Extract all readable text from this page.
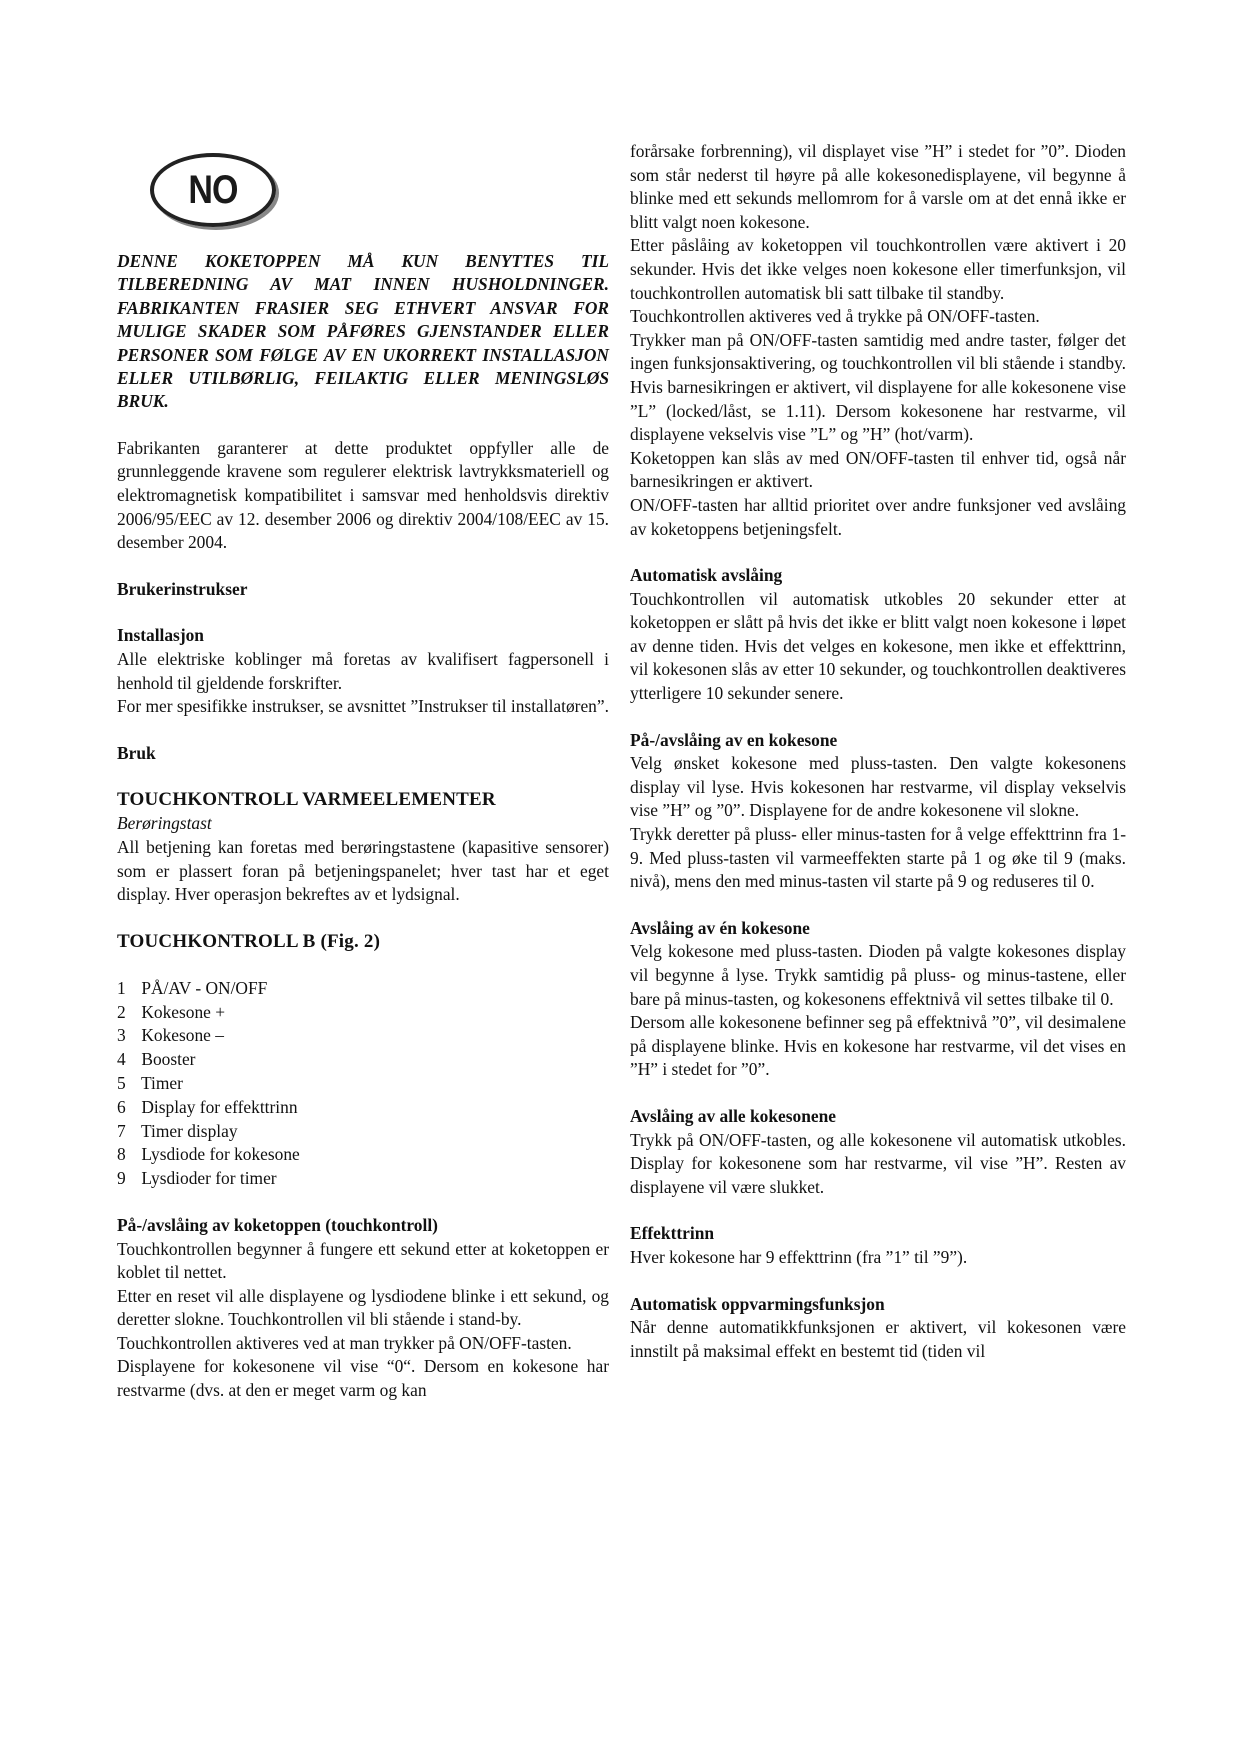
NO

DENNE KOKETOPPEN MÅ KUN BENYTTES TIL TILBEREDNING AV MAT INNEN HUSHOLDNINGER. FABRIKANTEN FRASIER SEG ETHVERT ANSVAR FOR MULIGE SKADER SOM PÅFØRES GJENSTANDER ELLER PERSONER SOM FØLGE AV EN UKORREKT INSTALLASJON ELLER UTILBØRLIG, FEILAKTIG ELLER MENINGSLØS BRUK.

Fabrikanten garanterer at dette produktet oppfyller alle de grunnleggende kravene som regulerer elektrisk lavtrykksmateriell og elektromagnetisk kompatibilitet i samsvar med henholdsvis direktiv 2006/95/EEC av 12. desember 2006 og direktiv 2004/108/EEC av 15. desember 2004.

Brukerinstrukser
Installasjon

Alle elektriske koblinger må foretas av kvalifisert fagpersonell i henhold til gjeldende forskrifter.

For mer spesifikke instrukser, se avsnittet ”Instrukser til installatøren”.

Bruk
TOUCHKONTROLL VARMEELEMENTER

Berøringstast

All betjening kan foretas med berøringstastene (kapasitive sensorer) som er plassert foran på betjeningspanelet; hver tast har et eget display. Hver operasjon bekreftes av et lydsignal.

TOUCHKONTROLL B (Fig. 2)
1 PÅ/AV - ON/OFF
2 Kokesone +
3 Kokesone –
4 Booster
5 Timer
6 Display for effekttrinn
7 Timer display
8 Lysdiode for kokesone
9 Lysdioder for timer
På-/avslåing av koketoppen (touchkontroll)

Touchkontrollen begynner å fungere ett sekund etter at koketoppen er koblet til nettet.

Etter en reset vil alle displayene og lysdiodene blinke i ett sekund, og deretter slokne. Touchkontrollen vil bli stående i stand-by.

Touchkontrollen aktiveres ved at man trykker på ON/OFF-tasten.

Displayene for kokesonene vil vise “0“. Dersom en kokesone har restvarme (dvs. at den er meget varm og kan

forårsake forbrenning), vil displayet vise ”H” i stedet for ”0”. Dioden som står nederst til høyre på alle kokesonedisplayene, vil begynne å blinke med ett sekunds mellomrom for å varsle om at det ennå ikke er blitt valgt noen kokesone.

Etter påslåing av koketoppen vil touchkontrollen være aktivert i 20 sekunder. Hvis det ikke velges noen kokesone eller timerfunksjon, vil touchkontrollen automatisk bli satt tilbake til standby.

Touchkontrollen aktiveres ved å trykke på ON/OFF-tasten.

Trykker man på ON/OFF-tasten samtidig med andre taster, følger det ingen funksjonsaktivering, og touchkontrollen vil bli stående i standby. Hvis barnesikringen er aktivert, vil displayene for alle kokesonene vise ”L” (locked/låst, se 1.11). Dersom kokesonene har restvarme, vil displayene vekselvis vise ”L” og ”H” (hot/varm).

Koketoppen kan slås av med ON/OFF-tasten til enhver tid, også når barnesikringen er aktivert.

ON/OFF-tasten har alltid prioritet over andre funksjoner ved avslåing av koketoppens betjeningsfelt.

Automatisk avslåing

Touchkontrollen vil automatisk utkobles 20 sekunder etter at koketoppen er slått på hvis det ikke er blitt valgt noen kokesone i løpet av denne tiden. Hvis det velges en kokesone, men ikke et effekttrinn, vil kokesonen slås av etter 10 sekunder, og touchkontrollen deaktiveres ytterligere 10 sekunder senere.

På-/avslåing av en kokesone

Velg ønsket kokesone med pluss-tasten. Den valgte kokesonens display vil lyse. Hvis kokesonen har restvarme, vil display vekselvis vise ”H” og ”0”. Displayene for de andre kokesonene vil slokne.

Trykk deretter på pluss- eller minus-tasten for å velge effekttrinn fra 1-9. Med pluss-tasten vil varmeeffekten starte på 1 og øke til 9 (maks. nivå), mens den med minus-tasten vil starte på 9 og reduseres til 0.

Avslåing av én kokesone

Velg kokesone med pluss-tasten. Dioden på valgte kokesones display vil begynne å lyse. Trykk samtidig på pluss- og minus-tastene, eller bare på minus-tasten, og kokesonens effektnivå vil settes tilbake til 0.

Dersom alle kokesonene befinner seg på effektnivå ”0”, vil desimalene på displayene blinke. Hvis en kokesone har restvarme, vil det vises en ”H” i stedet for ”0”.

Avslåing av alle kokesonene

Trykk på ON/OFF-tasten, og alle kokesonene vil automatisk utkobles. Display for kokesonene som har restvarme, vil vise ”H”. Resten av displayene vil være slukket.

Effekttrinn

Hver kokesone har 9 effekttrinn (fra ”1” til ”9”).

Automatisk oppvarmingsfunksjon

Når denne automatikkfunksjonen er aktivert, vil kokesonen være innstilt på maksimal effekt en bestemt tid (tiden vil
